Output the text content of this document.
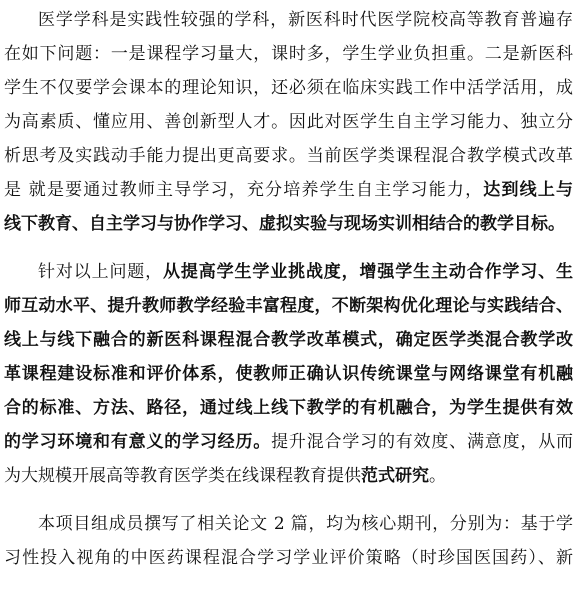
医学学科是实践性较强的学科，新医科时代医学院校高等教育普遍存
在如下问题：一是课程学习量大，课时多，学生学业负担重。二是新医科
学生不仅要学会课本的理论知识，还必须在临床实践工作中活学活用，成
为高素质、懂应用、善创新型人才。因此对医学生自主学习能力、独立分
析思考及实践动手能力提出更高要求。当前医学类课程混合教学模式改革
是 就是要通过教师主导学习，充分培养学生自主学习能力，达到线上与
线下教育、自主学习与协作学习、虚拟实验与现场实训相结合的教学目标。
针对以上问题，从提高学生学业挑战度，增强学生主动合作学习、生
师互动水平、提升教师教学经验丰富程度，不断架构优化理论与实践结合、
线上与线下融合的新医科课程混合教学改革模式，确定医学类混合教学改
革课程建设标准和评价体系，使教师正确认识传统课堂与网络课堂有机融
合的标准、方法、路径，通过线上线下教学的有机融合，为学生提供有效
的学习环境和有意义的学习经历。提升混合学习的有效度、满意度，从而
为大规模开展高等教育医学类在线课程教育提供范式研究。
本项目组成员撰写了相关论文 2 篇，均为核心期刊，分别为：基于学
习性投入视角的中医药课程混合学习学业评价策略（时珍国医国药）、新
